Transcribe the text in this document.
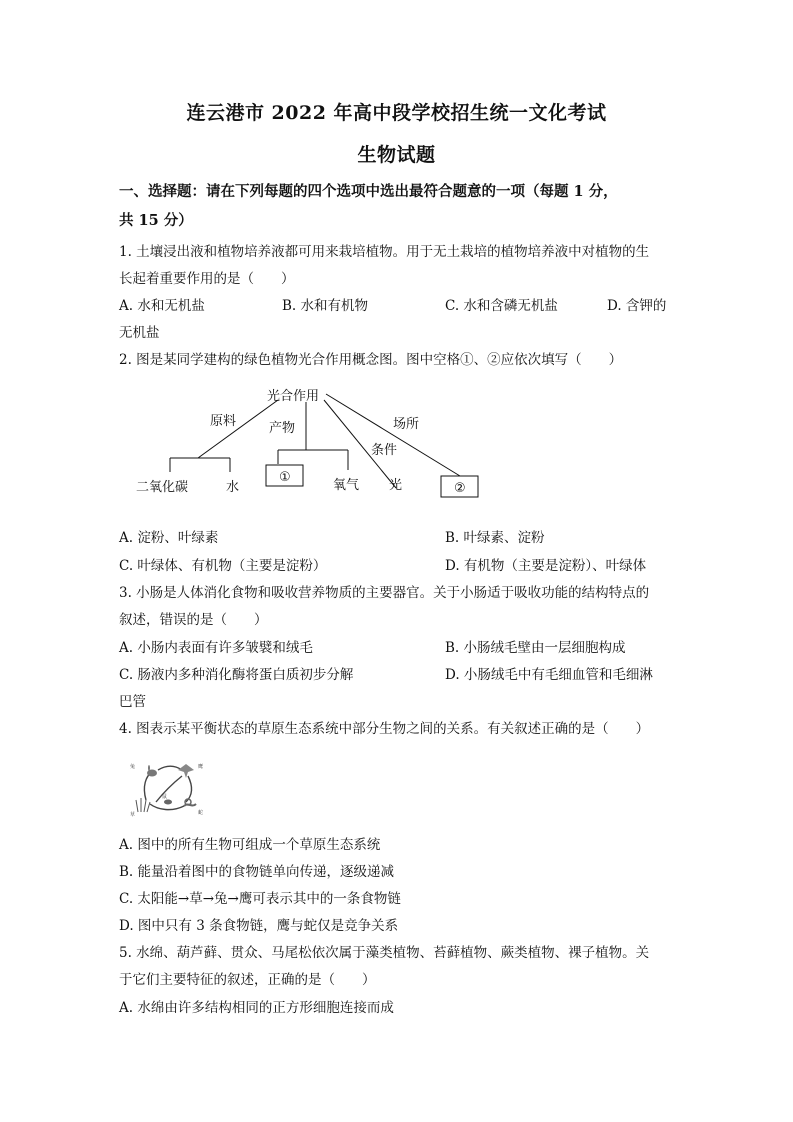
连云港市 2022 年高中段学校招生统一文化考试
生物试题
一、选择题：请在下列每题的四个选项中选出最符合题意的一项（每题 1 分，
共 15 分）
1. 土壤浸出液和植物培养液都可用来栽培植物。用于无土栽培的植物培养液中对植物的生
长起着重要作用的是（　　）
A. 水和无机盐	B. 水和有机物	C. 水和含磷无机盐	D. 含钾的
无机盐
2. 图是某同学建构的绿色植物光合作用概念图。图中空格①、②应依次填写（　　）
光合作用
原料	产物
条件
场所
二氧化碳	水
①
氧气 光	②
A. 淀粉、叶绿素	B. 叶绿素、淀粉
C. 叶绿体、有机物（主要是淀粉）	D. 有机物（主要是淀粉）、叶绿体
3. 小肠是人体消化食物和吸收营养物质的主要器官。关于小肠适于吸收功能的结构特点的
叙述，错误的是（　　）
A. 小肠内表面有许多皱襞和绒毛	B. 小肠绒毛壁由一层细胞构成
C. 肠液内多种消化酶将蛋白质初步分解	D. 小肠绒毛中有毛细血管和毛细淋
巴管
4. 图表示某平衡状态的草原生态系统中部分生物之间的关系。有关叙述正确的是（　　）
兔	鹰
草
鼠
蛇
A. 图中的所有生物可组成一个草原生态系统
B. 能量沿着图中的食物链单向传递，逐级递减
C. 太阳能→草→兔→鹰可表示其中的一条食物链
D. 图中只有 3 条食物链，鹰与蛇仅是竞争关系
5. 水绵、葫芦藓、贯众、马尾松依次属于藻类植物、苔藓植物、蕨类植物、裸子植物。关
于它们主要特征的叙述，正确的是（　　）
A. 水绵由许多结构相同的正方形细胞连接而成
